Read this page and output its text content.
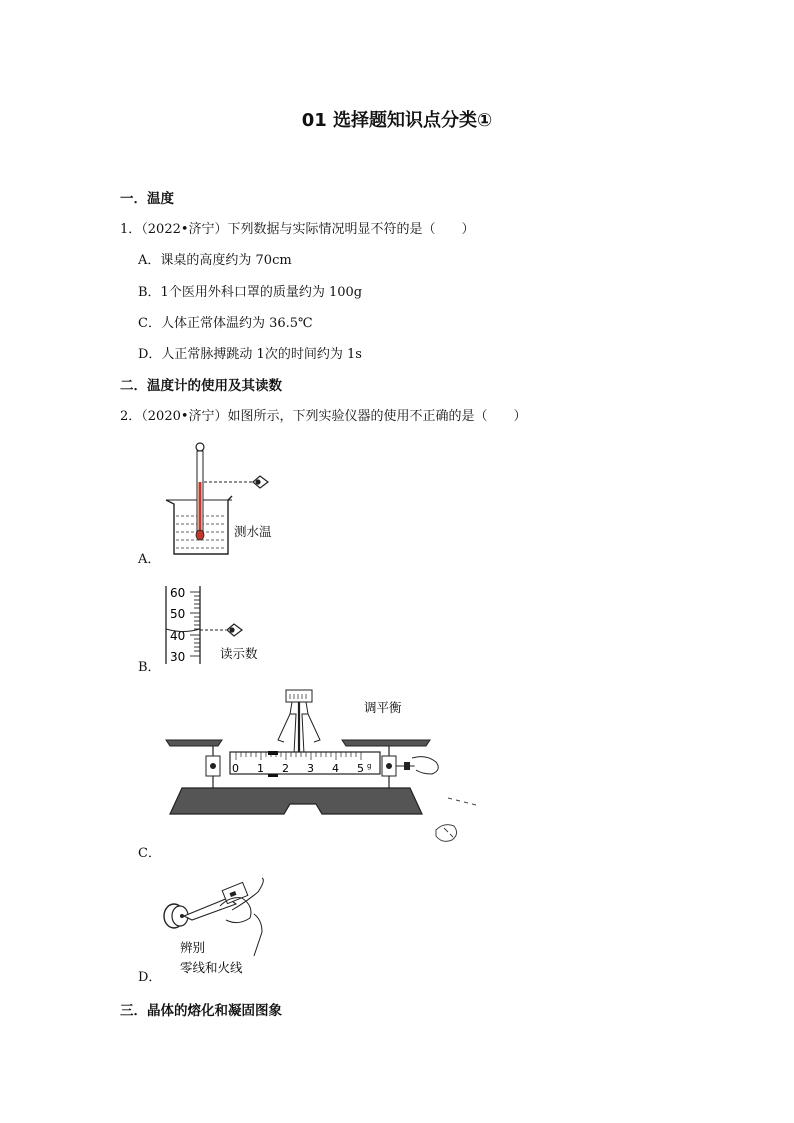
01 选择题知识点分类①
一．温度
1．（2022•济宁）下列数据与实际情况明显不符的是（　　）
A．课桌的高度约为 70cm
B．1个医用外科口罩的质量约为 100g
C．人体正常体温约为 36.5℃
D．人正常脉搏跳动 1次的时间约为 1s
二．温度计的使用及其读数
2．（2020•济宁）如图所示，下列实验仪器的使用不正确的是（　　）
测水温
A．
60
50
40
30	读示数
B．
0 1 2 3 4 5 g
调平衡
C．
辨别
零线和火线
D．
三．晶体的熔化和凝固图象
